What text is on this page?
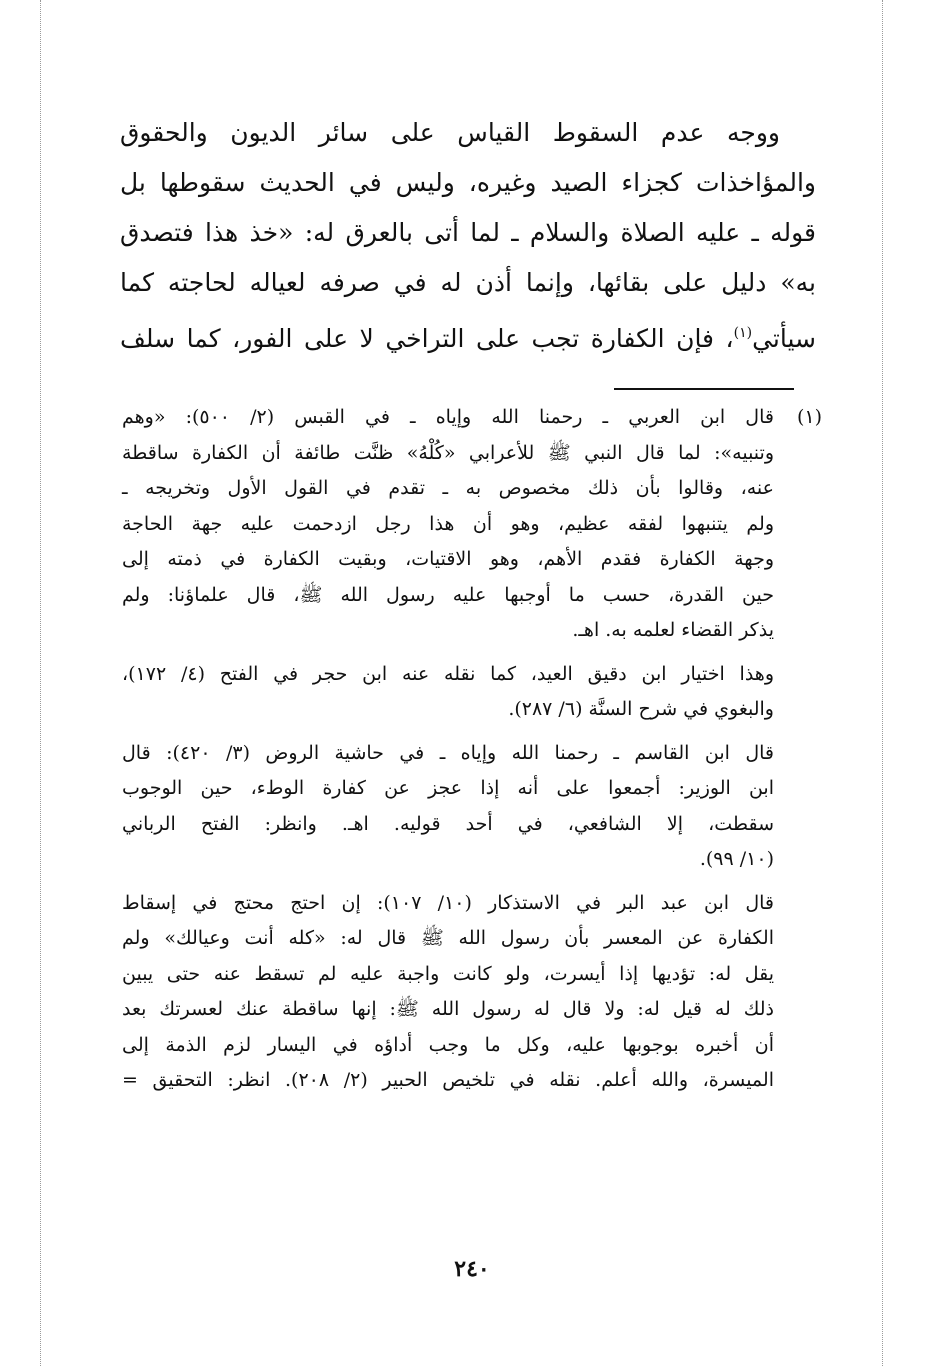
ووجه عدم السقوط القياس على سائر الديون والحقوق
والمؤاخذات كجزاء الصيد وغيره، وليس في الحديث سقوطها بل
قوله ـ عليه الصلاة والسلام ـ لما أتى بالعرق له: «خذ هذا فتصدق
به» دليل على بقائها، وإنما أذن له في صرفه لعياله لحاجته كما
سيأتي$^{(١)}$، فإن الكفارة تجب على التراخي لا على الفور، كما سلف
(١)
قال ابن العربي ـ رحمنا الله وإياه ـ في القبس (٢/ ٥٠٠): «وهم
وتنبيه»: لما قال النبي ﷺ للأعرابي «كُلْهُ» ظنَّت طائفة أن الكفارة ساقطة
عنه، وقالوا بأن ذلك مخصوص به ـ تقدم في القول الأول وتخريجه ـ
ولم يتنبهوا لفقه عظيم، وهو أن هذا رجل ازدحمت عليه جهة الحاجة
وجهة الكفارة فقدم الأهم، وهو الاقتيات، وبقيت الكفارة في ذمته إلى
حين القدرة، حسب ما أوجبها عليه رسول الله ﷺ، قال علماؤنا: ولم
يذكر القضاء لعلمه به. اهـ.
وهذا اختيار ابن دقيق العيد، كما نقله عنه ابن حجر في الفتح (٤/ ١٧٢)،
والبغوي في شرح السنَّة (٦/ ٢٨٧).
قال ابن القاسم ـ رحمنا الله وإياه ـ في حاشية الروض (٣/ ٤٢٠): قال
ابن الوزير: أجمعوا على أنه إذا عجز عن كفارة الوطء، حين الوجوب
سقطت، إلا الشافعي، في أحد قوليه. اهـ. وانظر: الفتح الرباني
(١٠/ ٩٩).
قال ابن عبد البر في الاستذكار (١٠/ ١٠٧): إن احتج محتج في إسقاط
الكفارة عن المعسر بأن رسول الله ﷺ قال له: «كله أنت وعيالك» ولم
يقل له: تؤديها إذا أيسرت، ولو كانت واجبة عليه لم تسقط عنه حتى يبين
ذلك له قيل له: ولا قال له رسول الله ﷺ: إنها ساقطة عنك لعسرتك بعد
أن أخبره بوجوبها عليه، وكل ما وجب أداؤه في اليسار لزم الذمة إلى
الميسرة، والله أعلم. نقله في تلخيص الحبير (٢/ ٢٠٨). انظر: التحقيق =
٢٤٠
